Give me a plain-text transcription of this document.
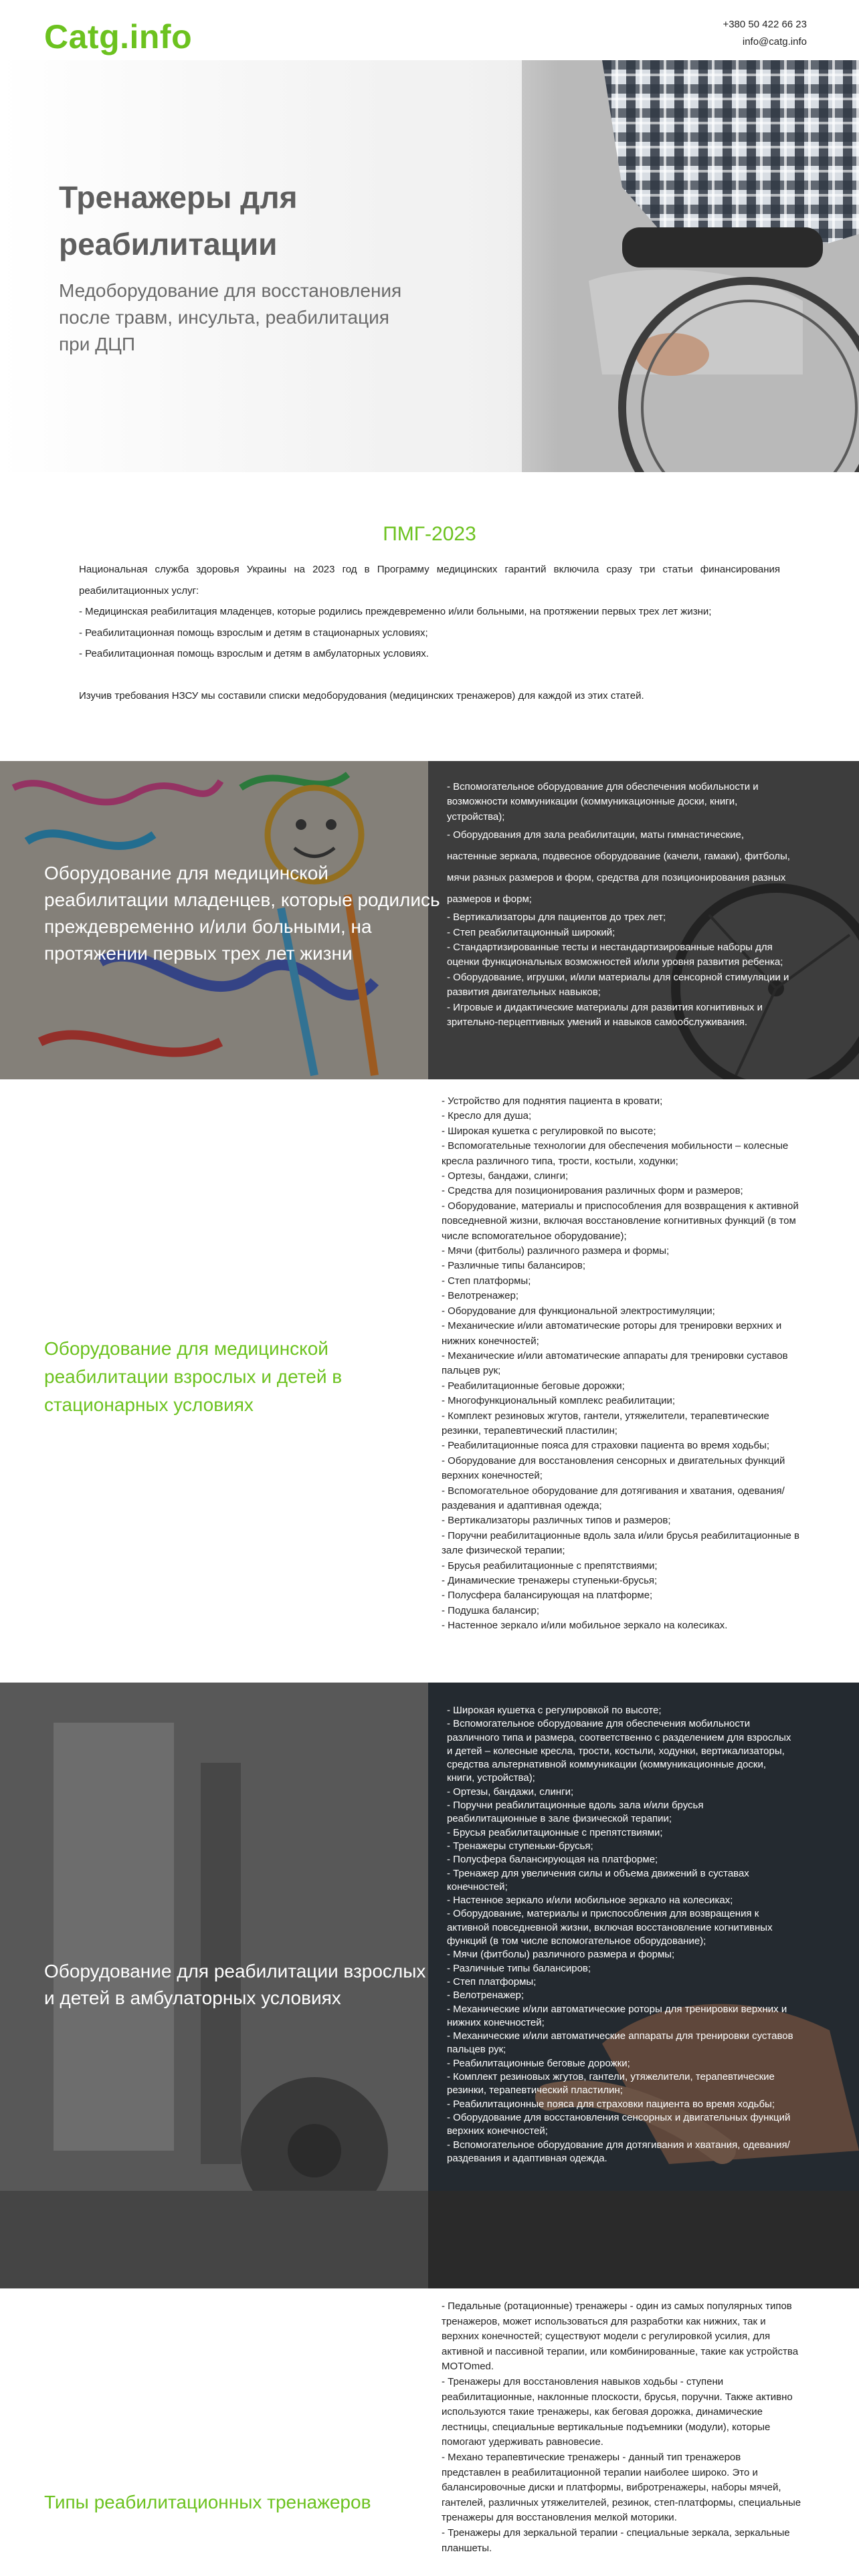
Catg.info	+380 50 422 66 23
info@catg.info
Тренажеры для реабилитации
Медоборудование для восстановления после травм, инсульта, реабилитация при ДЦП
ПМГ-2023

Национальная служба здоровья Украины на 2023 год в Программу медицинских гарантий включила сразу три статьи финансирования реабилитационных услуг:

- Медицинская реабилитация младенцев, которые родились преждевременно и/или больными, на протяжении первых трех лет жизни;

- Реабилитационная помощь взрослым и детям в стационарных условиях;

- Реабилитационная помощь взрослым и детям в амбулаторных условиях.

Изучив требования НЗСУ мы составили списки медоборудования (медицинских тренажеров) для каждой из этих статей.

Оборудование для медицинской реабилитации младенцев, которые родились преждевременно и/или больными, на протяжении первых трех лет жизни
- Вспомогательное оборудование для обеспечения мобильности и возможности коммуникации (коммуникационные доски, книги, устройства);
- Оборудования для зала реабилитации, маты гимнастические, настенные зеркала, подвесное оборудование (качели, гамаки), фитболы, мячи разных размеров и форм, средства для позиционирования разных размеров и форм;
- Вертикализаторы для пациентов до трех лет;
- Степ реабилитационный широкий;
- Стандартизированные тесты и нестандартизированные наборы для оценки функциональных возможностей и/или уровня развития ребенка;
- Оборудование, игрушки, и/или материалы для сенсорной стимуляции и развития двигательных навыков;
- Игровые и дидактические материалы для развития когнитивных и зрительно-перцептивных умений и навыков самообслуживания.
Оборудование для медицинской реабилитации взрослых и детей в стационарных условиях
- Устройство для поднятия пациента в кровати;
- Кресло для душа;
- Широкая кушетка с регулировкой по высоте;
- Вспомогательные технологии для обеспечения мобильности – колесные кресла различного типа, трости, костыли, ходунки;
- Ортезы, бандажи, слинги;
- Средства для позиционирования различных форм и размеров;
- Оборудование, материалы и приспособления для возвращения к активной повседневной жизни, включая восстановление когнитивных функций (в том числе вспомогательное оборудование);
- Мячи (фитболы) различного размера и формы;
- Различные типы балансиров;
- Степ платформы;
- Велотренажер;
- Оборудование для функциональной электростимуляции;
- Механические и/или автоматические роторы для тренировки верхних и нижних конечностей;
- Механические и/или автоматические аппараты для тренировки суставов пальцев рук;
- Реабилитационные беговые дорожки;
- Многофункциональный комплекс реабилитации;
- Комплект резиновых жгутов, гантели, утяжелители, терапевтические резинки, терапевтический пластилин;
- Реабилитационные пояса для страховки пациента во время ходьбы;
- Оборудование для восстановления сенсорных и двигательных функций верхних конечностей;
- Вспомогательное оборудование для дотягивания и хватания, одевания/раздевания и адаптивная одежда;
- Вертикализаторы различных типов и размеров;
- Поручни реабилитационные вдоль зала и/или брусья реабилитационные в зале физической терапии;
- Брусья реабилитационные с препятствиями;
- Динамические тренажеры ступеньки-брусья;
- Полусфера балансирующая на платформе;
- Подушка балансир;
- Настенное зеркало и/или мобильное зеркало на колесиках.
Оборудование для реабилитации взрослых и детей в амбулаторных условиях
- Широкая кушетка с регулировкой по высоте;
- Вспомогательное оборудование для обеспечения мобильности различного типа и размера, соответственно с разделением для взрослых и детей – колесные кресла, трости, костыли, ходунки, вертикализаторы, средства альтернативной коммуникации (коммуникационные доски, книги, устройства);
- Ортезы, бандажи, слинги;
- Поручни реабилитационные вдоль зала и/или брусья реабилитационные в зале физической терапии;
- Брусья реабилитационные с препятствиями;
- Тренажеры ступеньки-брусья;
- Полусфера балансирующая на платформе;
- Тренажер для увеличения силы и объема движений в суставах конечностей;
- Настенное зеркало и/или мобильное зеркало на колесиках;
- Оборудование, материалы и приспособления для возвращения к активной повседневной жизни, включая восстановление когнитивных функций (в том числе вспомогательное оборудование);
- Мячи (фитболы) различного размера и формы;
- Различные типы балансиров;
- Степ платформы;
- Велотренажер;
- Механические и/или автоматические роторы для тренировки верхних и нижних конечностей;
- Механические и/или автоматические аппараты для тренировки суставов пальцев рук;
- Реабилитационные беговые дорожки;
- Комплект резиновых жгутов, гантели, утяжелители, терапевтические резинки, терапевтический пластилин;
- Реабилитационные пояса для страховки пациента во время ходьбы;
- Оборудование для восстановления сенсорных и двигательных функций верхних конечностей;
- Вспомогательное оборудование для дотягивания и хватания, одевания/раздевания и адаптивная одежда.
Типы реабилитационных тренажеров
- Педальные (ротационные) тренажеры - один из самых популярных типов тренажеров, может использоваться для разработки как нижних, так и верхних конечностей; существуют модели с регулировкой усилия, для активной и пассивной терапии, или комбинированные, такие как устройства MOTOmed.
- Тренажеры для восстановления навыков ходьбы - ступени реабилитационные, наклонные плоскости, брусья, поручни. Также активно используются такие тренажеры, как беговая дорожка, динамические лестницы, специальные вертикальные подъемники (модули), которые помогают удерживать равновесие.
- Механо терапевтические тренажеры - данный тип тренажеров представлен в реабилитационной терапии наиболее широко. Это и балансировочные диски и платформы, вибротренажеры, наборы мячей, гантелей, различных утяжелителей, резинок, степ-платформы, специальные тренажеры для восстановления мелкой моторики.
- Тренажеры для зеркальной терапии - специальные зеркала, зеркальные планшеты.
